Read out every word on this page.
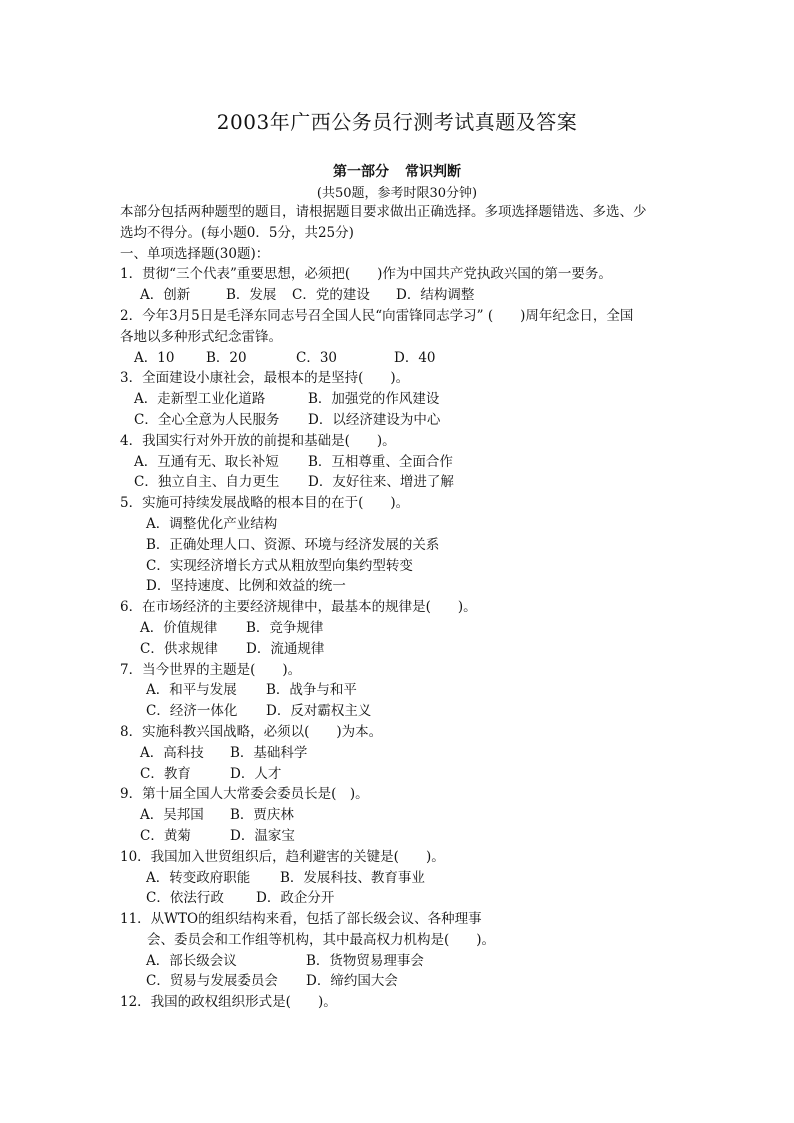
2003年广西公务员行测考试真题及答案
第一部分 常识判断
(共50题，参考时限30分钟)
本部分包括两种题型的题目，请根据题目要求做出正确选择。多项选择题错选、多选、少
选均不得分。(每小题0．5分，共25分)
一、单项选择题(30题)：
1．贯彻“三个代表”重要思想，必须把(　　)作为中国共产党执政兴国的第一要务。
A．创新	B．发展 C．党的建设 D．结构调整
2．今年3月5日是毛泽东同志号召全国人民“向雷锋同志学习” (　　)周年纪念日，全国
各地以多种形式纪念雷锋。
A．10 B．20	C．30	D．40
3．全面建设小康社会，最根本的是坚持(　　)。
A．走新型工业化道路	B．加强党的作风建设
C．全心全意为人民服务 D．以经济建设为中心
4．我国实行对外开放的前提和基础是(　　)。
A．互通有无、取长补短 B．互相尊重、全面合作
C．独立自主、自力更生 D．友好往来、增进了解
5．实施可持续发展战略的根本目的在于(　　)。
A．调整优化产业结构
B．正确处理人口、资源、环境与经济发展的关系
C．实现经济增长方式从粗放型向集约型转变
D．坚持速度、比例和效益的统一
6．在市场经济的主要经济规律中，最基本的规律是(　　)。
A．价值规律 B．竞争规律
C．供求规律 D．流通规律
7．当今世界的主题是(　　)。
A．和平与发展 B．战争与和平
C．经济一体化 D．反对霸权主义
8．实施科教兴国战略，必须以(　　)为本。
A．高科技 B．基础科学
C．教育	D．人才
9．第十届全国人大常委会委员长是(　)。
A．吴邦国 B．贾庆林
C．黄菊	D．温家宝
10．我国加入世贸组织后，趋利避害的关键是(　　)。
A．转变政府职能 B．发展科技、教育事业
C．依法行政 D．政企分开
11．从WTO的组织结构来看，包括了部长级会议、各种理事
　　会、委员会和工作组等机构，其中最高权力机构是(　　)。
A．部长级会议	B．货物贸易理事会
C．贸易与发展委员会 D．缔约国大会
12．我国的政权组织形式是(　　)。
